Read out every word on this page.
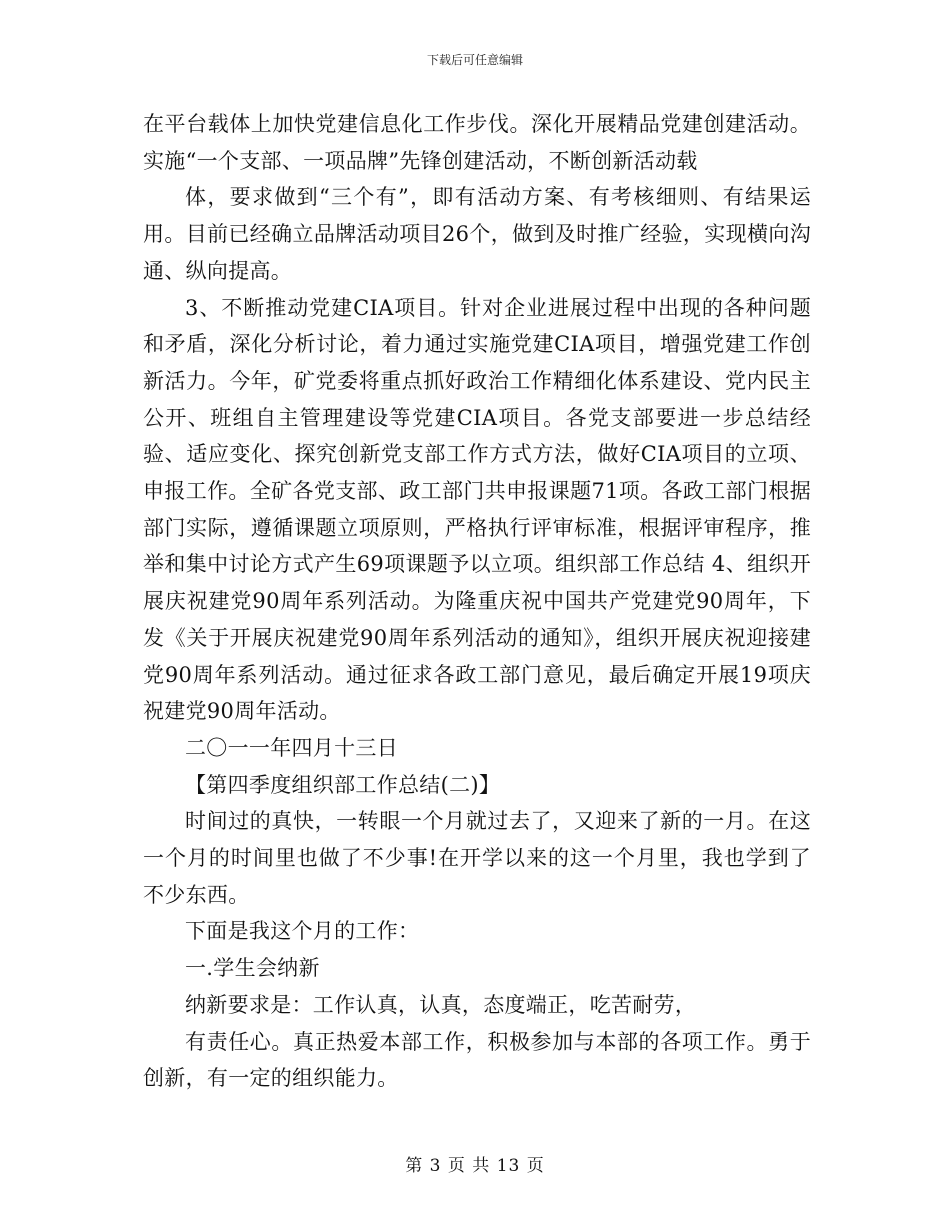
下载后可任意编辑

在平台载体上加快党建信息化工作步伐。深化开展精品党建创建活动。实施“一个支部、一项品牌”先锋创建活动，不断创新活动载

体，要求做到“三个有”，即有活动方案、有考核细则、有结果运用。目前已经确立品牌活动项目26个，做到及时推广经验，实现横向沟通、纵向提高。

3、不断推动党建CIA项目。针对企业进展过程中出现的各种问题和矛盾，深化分析讨论，着力通过实施党建CIA项目，增强党建工作创新活力。今年，矿党委将重点抓好政治工作精细化体系建设、党内民主公开、班组自主管理建设等党建CIA项目。各党支部要进一步总结经验、适应变化、探究创新党支部工作方式方法，做好CIA项目的立项、申报工作。全矿各党支部、政工部门共申报课题71项。各政工部门根据部门实际，遵循课题立项原则，严格执行评审标准，根据评审程序，推举和集中讨论方式产生69项课题予以立项。组织部工作总结 4、组织开展庆祝建党90周年系列活动。为隆重庆祝中国共产党建党90周年，下发《关于开展庆祝建党90周年系列活动的通知》，组织开展庆祝迎接建党90周年系列活动。通过征求各政工部门意见，最后确定开展19项庆祝建党90周年活动。

二〇一一年四月十三日

【第四季度组织部工作总结(二)】

时间过的真快，一转眼一个月就过去了，又迎来了新的一月。在这一个月的时间里也做了不少事!在开学以来的这一个月里，我也学到了不少东西。

下面是我这个月的工作：

一.学生会纳新

纳新要求是：工作认真，认真，态度端正，吃苦耐劳，

有责任心。真正热爱本部工作，积极参加与本部的各项工作。勇于创新，有一定的组织能力。

第 3 页 共 13 页
